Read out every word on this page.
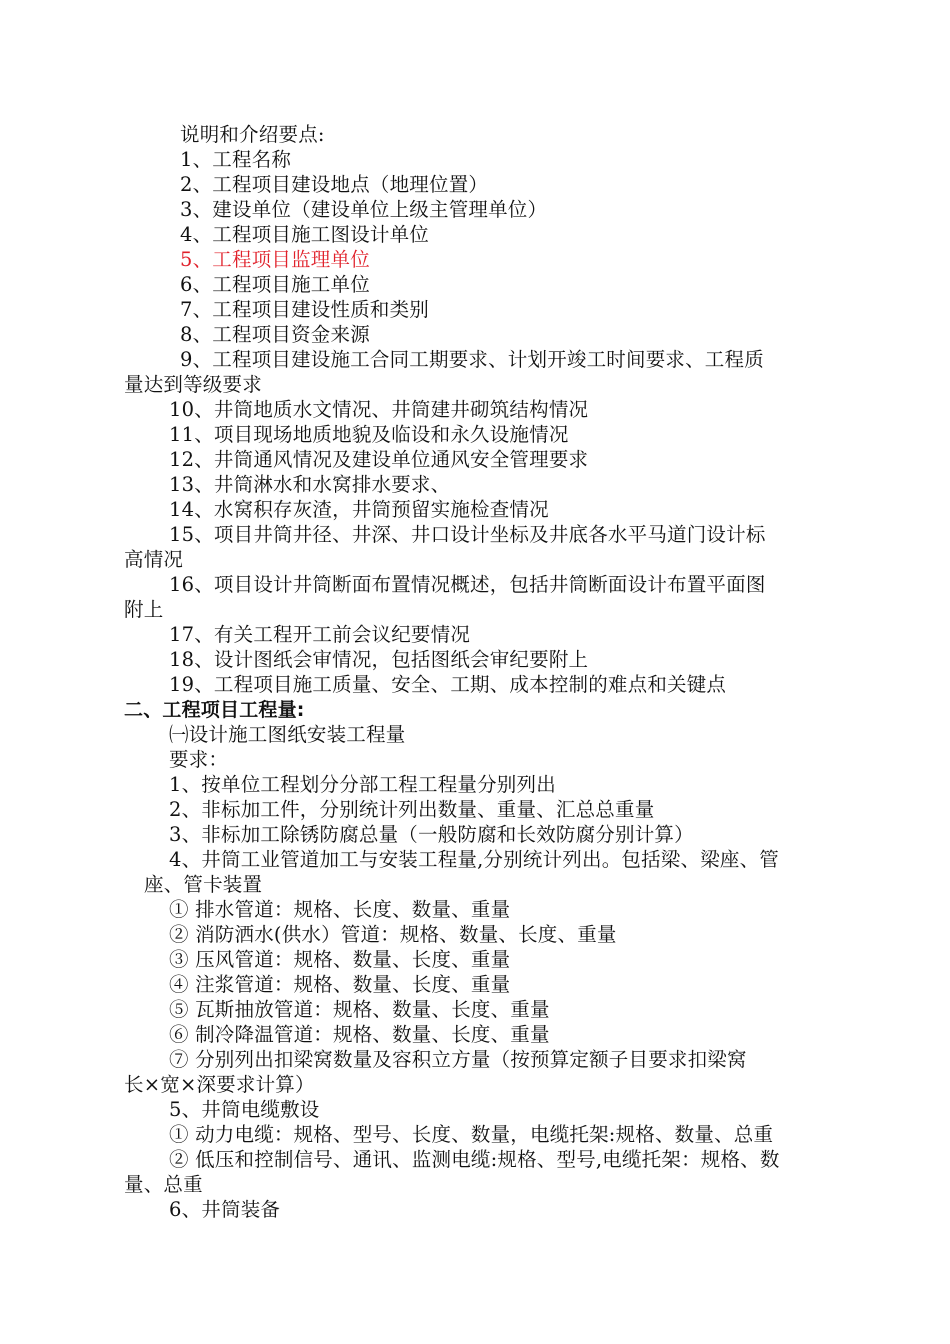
说明和介绍要点:
1、工程名称
2、工程项目建设地点（地理位置）
3、建设单位（建设单位上级主管理单位）
4、工程项目施工图设计单位
5、工程项目监理单位
6、工程项目施工单位
7、工程项目建设性质和类别
8、工程项目资金来源
9、工程项目建设施工合同工期要求、计划开竣工时间要求、工程质
量达到等级要求
10、井筒地质水文情况、井筒建井砌筑结构情况
11、项目现场地质地貌及临设和永久设施情况
12、井筒通风情况及建设单位通风安全管理要求
13、井筒淋水和水窝排水要求、
14、水窝积存灰渣，井筒预留实施检查情况
15、项目井筒井径、井深、井口设计坐标及井底各水平马道门设计标
高情况
16、项目设计井筒断面布置情况概述，包括井筒断面设计布置平面图
附上
17、有关工程开工前会议纪要情况
18、设计图纸会审情况，包括图纸会审纪要附上
19、工程项目施工质量、安全、工期、成本控制的难点和关键点
二、工程项目工程量:
㈠设计施工图纸安装工程量
要求：
1、按单位工程划分分部工程工程量分别列出
2、非标加工件，分别统计列出数量、重量、汇总总重量
3、非标加工除锈防腐总量（一般防腐和长效防腐分别计算）
4、井筒工业管道加工与安装工程量,分别统计列出。包括梁、梁座、管
座、管卡装置
① 排水管道：规格、长度、数量、重量
② 消防洒水(供水）管道：规格、数量、长度、重量
③ 压风管道：规格、数量、长度、重量
④ 注浆管道：规格、数量、长度、重量
⑤ 瓦斯抽放管道：规格、数量、长度、重量
⑥ 制冷降温管道：规格、数量、长度、重量
⑦ 分别列出扣梁窝数量及容积立方量（按预算定额子目要求扣梁窝
长×宽×深要求计算）
5、井筒电缆敷设
① 动力电缆：规格、型号、长度、数量，电缆托架:规格、数量、总重
② 低压和控制信号、通讯、监测电缆:规格、型号,电缆托架：规格、数
量、总重
6、井筒装备
